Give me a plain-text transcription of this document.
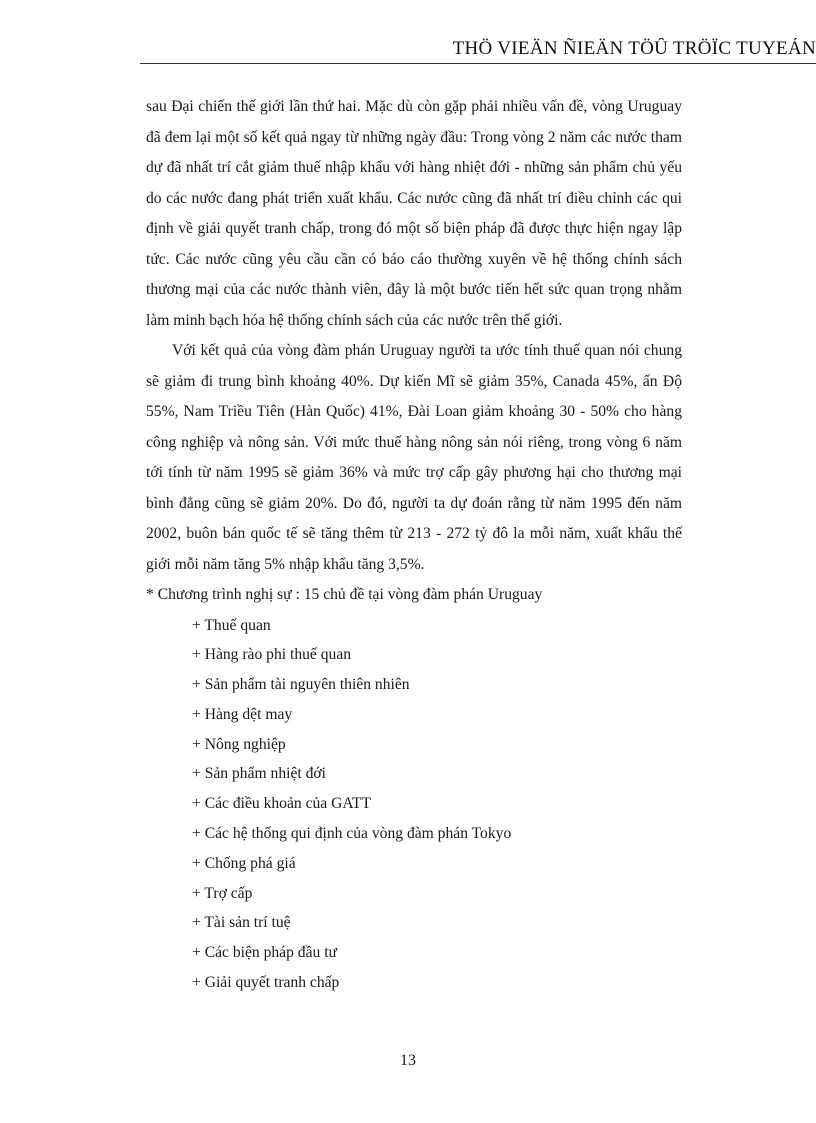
THÖ VIEÄN ÑIEÄN TÖÛ TRÖÏC TUYEÁN

sau Đại chiến thế giới lần thứ hai. Mặc dù còn gặp phải nhiều vấn đề, vòng Uruguay đã đem lại một số kết quả ngay từ những ngày đầu: Trong vòng 2 năm các nước tham dự đã nhất trí cắt giảm thuế nhập khẩu với hàng nhiệt đới - những sản phẩm chủ yếu do các nước đang phát triển xuất khẩu. Các nước cũng đã nhất trí điều chỉnh các qui định về giải quyết tranh chấp, trong đó một số biện pháp đã được thực hiện ngay lập tức. Các nước cũng yêu cầu cần có báo cáo thường xuyên về hệ thống chính sách thương mại của các nước thành viên, đây là một bước tiến hết sức quan trọng nhằm làm minh bạch hóa hệ thống chính sách của các nước trên thế giới.

Với kết quả của vòng đàm phán Uruguay người ta ước tính thuế quan nói chung sẽ giảm đi trung bình khoảng 40%. Dự kiến Mĩ sẽ giảm 35%, Canada 45%, ấn Độ 55%, Nam Triều Tiên (Hàn Quốc) 41%, Đài Loan giảm khoảng 30 - 50% cho hàng công nghiệp và nông sản. Với mức thuế hàng nông sản nói riêng, trong vòng 6 năm tới tính từ năm 1995 sẽ giảm 36% và mức trợ cấp gây phương hại cho thương mại bình đẳng cũng sẽ giảm 20%. Do đó, người ta dự đoán rằng từ năm 1995 đến năm 2002, buôn bán quốc tế sẽ tăng thêm từ 213 - 272 tỷ đô la mỗi năm, xuất khẩu thế giới mỗi năm tăng 5% nhập khẩu tăng 3,5%.

* Chương trình nghị sự : 15 chủ đề tại vòng đàm phán Uruguay

+ Thuế quan
+ Hàng rào phi thuế quan
+ Sản phẩm tài nguyên thiên nhiên
+ Hàng dệt may
+ Nông nghiệp
+ Sản phẩm nhiệt đới
+ Các điều khoản của GATT
+ Các hệ thống qui định của vòng đàm phán Tokyo
+ Chống phá giá
+ Trợ cấp
+ Tài sản trí tuệ
+ Các biện pháp đầu tư
+ Giải quyết tranh chấp
13
